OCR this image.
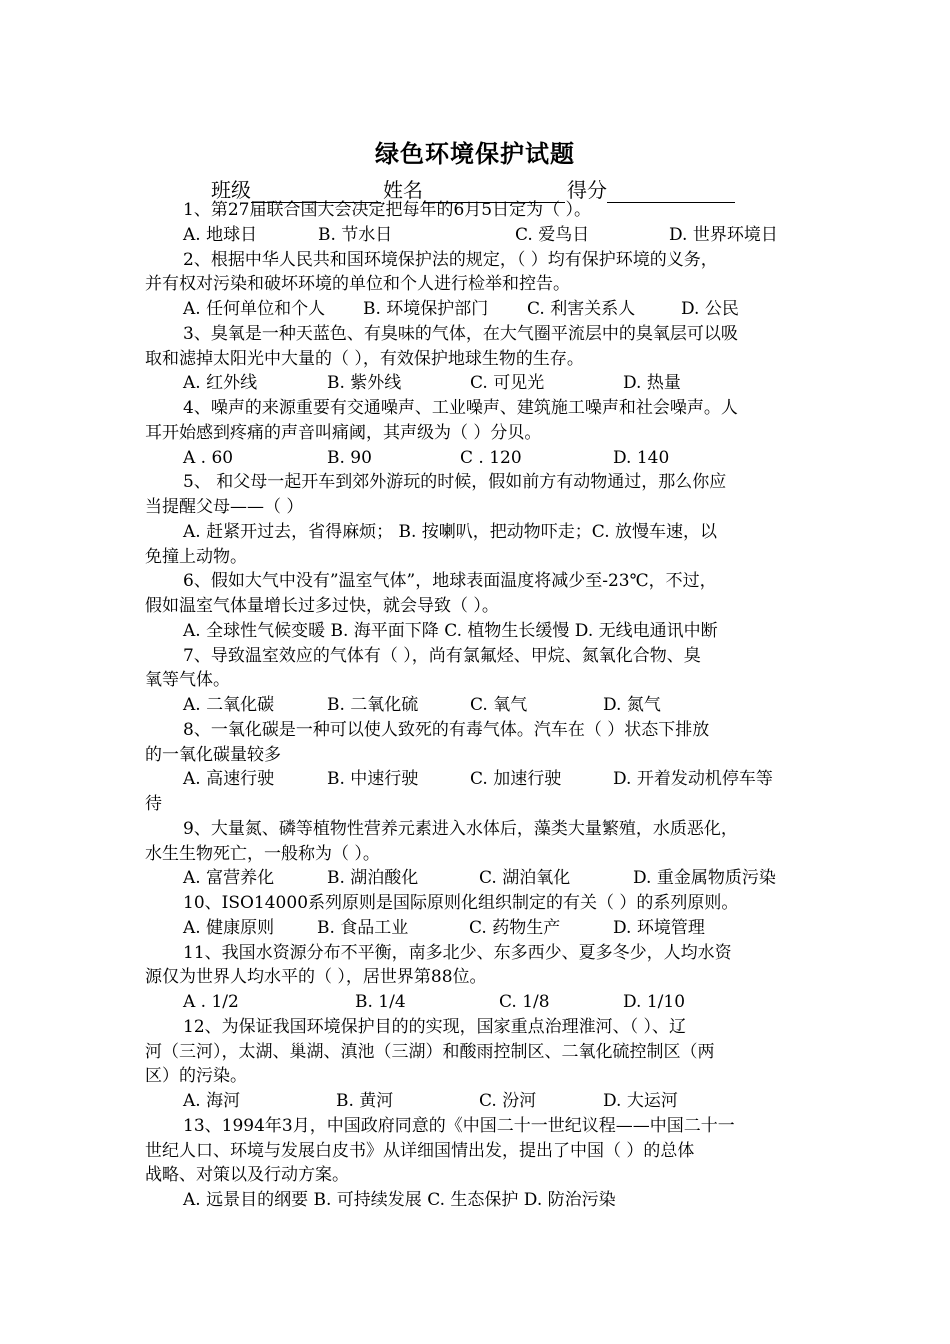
绿色环境保护试题
班级	姓名	得分
1、第27届联合国大会决定把每年的6月5日定为（ ）。
A. 地球日	B. 节水日	C. 爱鸟日	D. 世界环境日
2、根据中华人民共和国环境保护法的规定，（ ）均有保护环境的义务，
并有权对污染和破坏环境的单位和个人进行检举和控告。
A. 任何单位和个人 B. 环境保护部门 C. 利害关系人	D. 公民
3、臭氧是一种天蓝色、有臭味的气体，在大气圈平流层中的臭氧层可以吸
取和滤掉太阳光中大量的（ ），有效保护地球生物的生存。
A. 红外线	B. 紫外线	C. 可见光	D. 热量
4、噪声的来源重要有交通噪声、工业噪声、建筑施工噪声和社会噪声。人
耳开始感到疼痛的声音叫痛阈，其声级为（ ）分贝。
A . 60	B. 90	C . 120	D. 140
5、 和父母一起开车到郊外游玩的时候，假如前方有动物通过，那么你应
当提醒父母——（ ）
A. 赶紧开过去，省得麻烦； B. 按喇叭，把动物吓走；C. 放慢车速，以
免撞上动物。
6、假如大气中没有”温室气体”，地球表面温度将减少至-23℃，不过，
假如温室气体量增长过多过快，就会导致（ ）。
A. 全球性气候变暖 B. 海平面下降 C. 植物生长缓慢 D. 无线电通讯中断
7、导致温室效应的气体有（ ），尚有氯氟烃、甲烷、氮氧化合物、臭
氧等气体。
A. 二氧化碳	B. 二氧化硫	C. 氧气	D. 氮气
8、一氧化碳是一种可以使人致死的有毒气体。汽车在（ ）状态下排放
的一氧化碳量较多
A. 高速行驶	B. 中速行驶	C. 加速行驶	D. 开着发动机停车等
待
9、大量氮、磷等植物性营养元素进入水体后，藻类大量繁殖，水质恶化，
水生生物死亡，一般称为（ ）。
A. 富营养化	B. 湖泊酸化	C. 湖泊氧化	D. 重金属物质污染
10、ISO14000系列原则是国际原则化组织制定的有关（ ）的系列原则。
A. 健康原则	B. 食品工业	C. 药物生产	D. 环境管理
11、我国水资源分布不平衡，南多北少、东多西少、夏多冬少，人均水资
源仅为世界人均水平的（ ），居世界第88位。
A . 1/2	B. 1/4	C. 1/8	D. 1/10
12、为保证我国环境保护目的的实现，国家重点治理淮河、（ ）、辽
河（三河），太湖、巢湖、滇池（三湖）和酸雨控制区、二氧化硫控制区（两
区）的污染。
A. 海河	B. 黄河	C. 汾河	D. 大运河
13、1994年3月，中国政府同意的《中国二十一世纪议程——中国二十一
世纪人口、环境与发展白皮书》从详细国情出发，提出了中国（ ）的总体
战略、对策以及行动方案。
A. 远景目的纲要 B. 可持续发展 C. 生态保护 D. 防治污染
